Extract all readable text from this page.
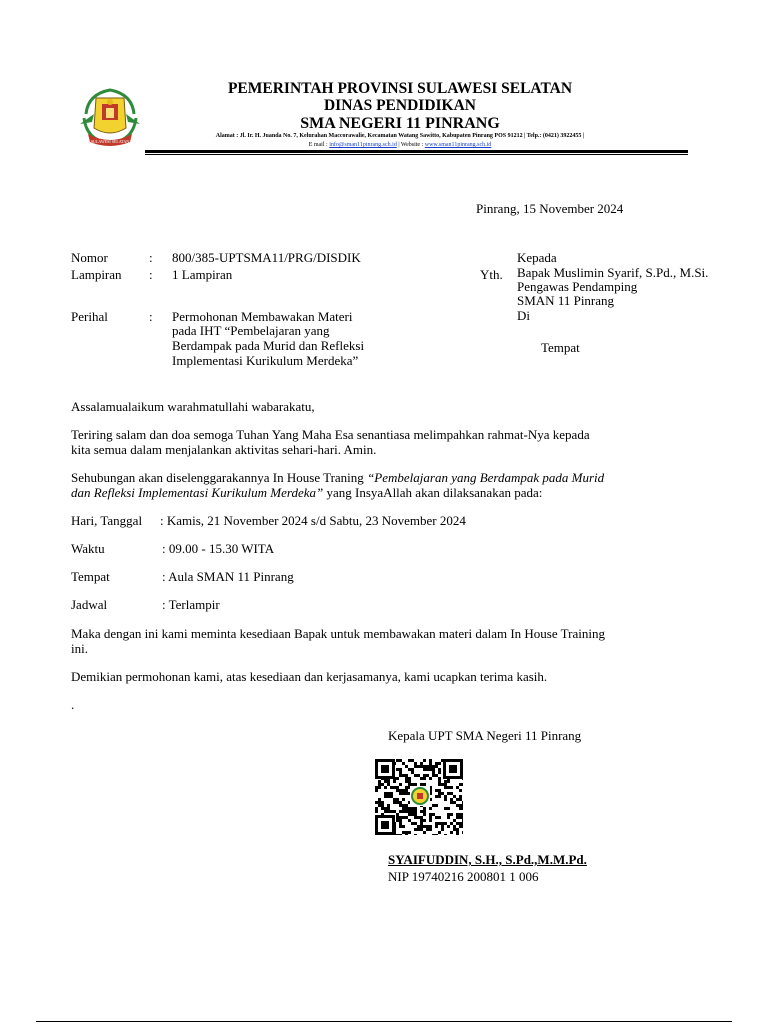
SULAWESI SELATAN
PEMERINTAH PROVINSI SULAWESI SELATAN
DINAS PENDIDIKAN
SMA NEGERI 11 PINRANG
Alamat : Jl. Ir. H. Juanda No. 7, Kelurahan Maccorawalie, Kecamatan Watang Sawitto, Kabupaten Pinrang POS 91212 | Telp.: (0421) 3922455 |
E mail : info@sman11pinrang.sch.id | Website : www.sman11pinrang.sch.id
Pinrang, 15 November 2024
Nomor	: 800/385-UPTSMA11/PRG/DISDIK
Lampiran : 1 Lampiran
Perihal	: Permohonan Membawakan Materi
pada IHT “Pembelajaran yang
Berdampak pada Murid dan Refleksi
Implementasi Kurikulum Merdeka”
Kepada
Yth. Bapak Muslimin Syarif, S.Pd., M.Si.
Pengawas Pendamping
SMAN 11 Pinrang
Di
Tempat
Assalamualaikum warahmatullahi wabarakatu,
Teriring salam dan doa semoga Tuhan Yang Maha Esa senantiasa melimpahkan rahmat-Nya kepada
kita semua dalam menjalankan aktivitas sehari-hari. Amin.
Sehubungan akan diselenggarakannya In House Traning “Pembelajaran yang Berdampak pada Murid
dan Refleksi Implementasi Kurikulum Merdeka” yang InsyaAllah akan dilaksanakan pada:
Hari, Tanggal : Kamis, 21 November 2024 s/d Sabtu, 23 November 2024
Waktu	: 09.00 - 15.30 WITA
Tempat	: Aula SMAN 11 Pinrang
Jadwal	: Terlampir
Maka dengan ini kami meminta kesediaan Bapak untuk membawakan materi dalam In House Training
ini.
Demikian permohonan kami, atas kesediaan dan kerjasamanya, kami ucapkan terima kasih.
.
Kepala UPT SMA Negeri 11 Pinrang
SYAIFUDDIN, S.H., S.Pd.,M.M.Pd.
NIP 19740216 200801 1 006
